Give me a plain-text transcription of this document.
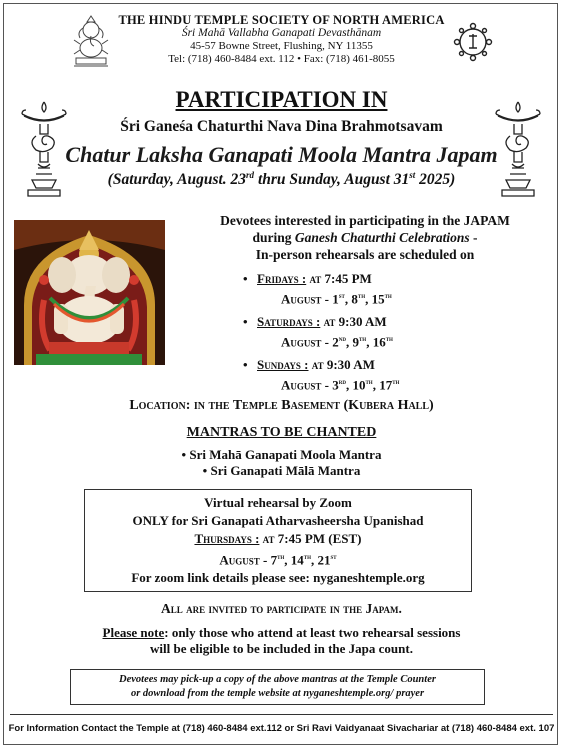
THE HINDU TEMPLE SOCIETY OF NORTH AMERICA
Śri Mahā Vallabha Ganapati Devasthānam
45-57 Bowne Street, Flushing, NY 11355
Tel: (718) 460-8484 ext. 112 • Fax: (718) 461-8055
PARTICIPATION IN
Śri Ganeśa Chaturthi Nava Dina Brahmotsavam
Chatur Laksha Ganapati Moola Mantra Japam
(Saturday, August. 23rd thru Sunday, August 31st 2025)
Devotees interested in participating in the JAPAM
during Ganesh Chaturthi Celebrations -
In-person rehearsals are scheduled on
• Fridays : at 7:45 PM
August - 1st, 8th, 15th
• Saturdays : at 9:30 AM
August - 2nd, 9th, 16th
• Sundays : at 9:30 AM
August - 3rd, 10th, 17th
Location: in the Temple Basement (Kubera Hall)
MANTRAS TO BE CHANTED
• Sri Mahā Ganapati Moola Mantra
• Sri Ganapati Mālā Mantra
Virtual rehearsal by Zoom
ONLY for Sri Ganapati Atharvasheersha Upanishad
Thursdays : at 7:45 PM (EST)
August - 7th, 14th, 21st
For zoom link details please see: nyganeshtemple.org
All are invited to participate in the Japam.
Please note: only those who attend at least two rehearsal sessions
will be eligible to be included in the Japa count.
Devotees may pick-up a copy of the above mantras at the Temple Counter
or download from the temple website at nyganeshtemple.org/ prayer
For Information Contact the Temple at (718) 460-8484 ext.112 or Sri Ravi Vaidyanaat Sivachariar at (718) 460-8484 ext. 107
